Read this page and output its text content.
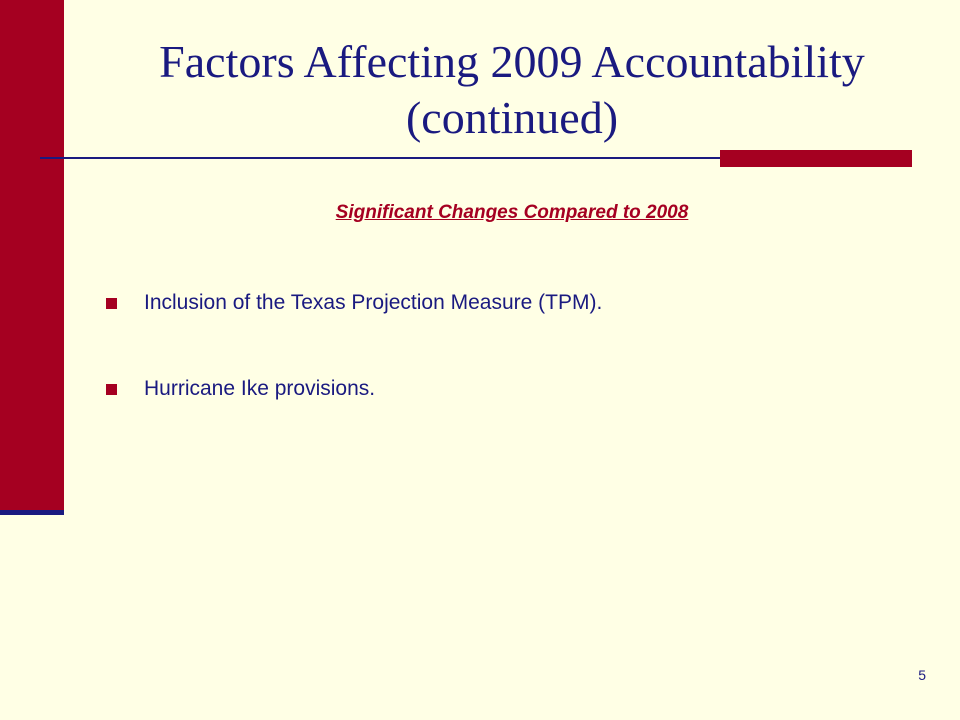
Factors Affecting 2009 Accountability
(continued)
Significant Changes Compared to 2008
Inclusion of the Texas Projection Measure (TPM).
Hurricane Ike provisions.
5
